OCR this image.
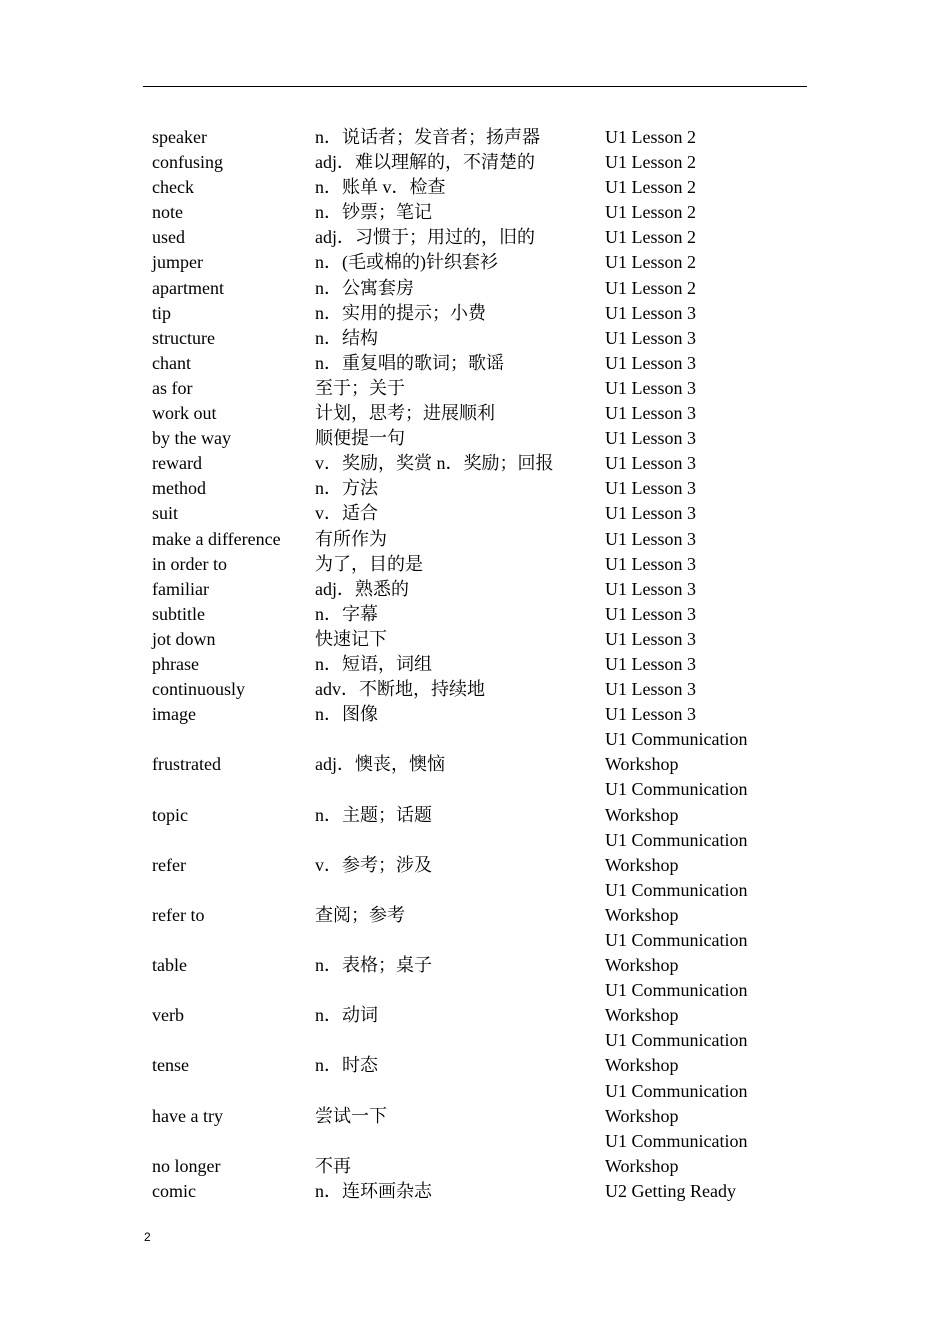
speaker	n．说话者；发音者；扬声器	U1 Lesson 2
confusing	adj．难以理解的，不清楚的	U1 Lesson 2
check	n．账单 v．检查	U1 Lesson 2
note	n．钞票；笔记	U1 Lesson 2
used	adj．习惯于；用过的，旧的	U1 Lesson 2
jumper	n．(毛或棉的)针织套衫	U1 Lesson 2
apartment	n．公寓套房	U1 Lesson 2
tip	n．实用的提示；小费	U1 Lesson 3
structure	n．结构	U1 Lesson 3
chant	n．重复唱的歌词；歌谣	U1 Lesson 3
as for	至于；关于	U1 Lesson 3
work out	计划，思考；进展顺利	U1 Lesson 3
by the way	顺便提一句	U1 Lesson 3
reward	v．奖励，奖赏 n．奖励；回报	U1 Lesson 3
method	n．方法	U1 Lesson 3
suit	v．适合	U1 Lesson 3
make a difference	有所作为	U1 Lesson 3
in order to	为了，目的是	U1 Lesson 3
familiar	adj．熟悉的	U1 Lesson 3
subtitle	n．字幕	U1 Lesson 3
jot down	快速记下	U1 Lesson 3
phrase	n．短语，词组	U1 Lesson 3
continuously	adv．不断地，持续地	U1 Lesson 3
image	n．图像	U1 Lesson 3
frustrated	adj．懊丧，懊恼	U1 Communication
Workshop

topic	n．主题；话题	U1 Communication
Workshop

refer	v．参考；涉及	U1 Communication
Workshop

refer to	查阅；参考	U1 Communication
Workshop

table	n．表格；桌子	U1 Communication
Workshop

verb	n．动词	U1 Communication
Workshop

tense	n．时态	U1 Communication
Workshop

have a try	尝试一下	U1 Communication
Workshop

no longer	不再	U1 Communication
Workshop

comic	n．连环画杂志	U2 Getting Ready
2
